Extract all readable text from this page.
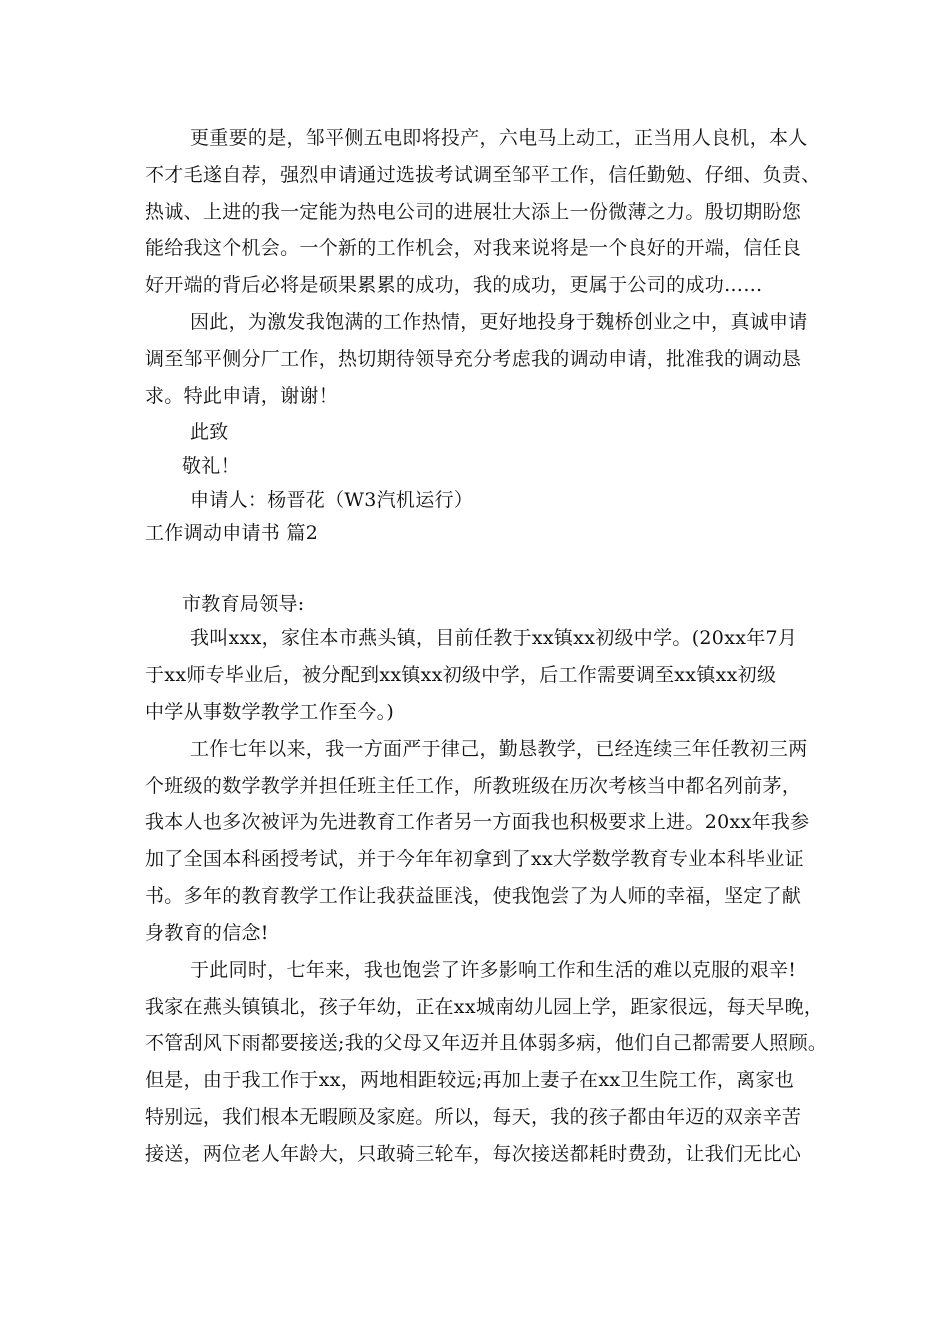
更重要的是，邹平侧五电即将投产，六电马上动工，正当用人良机，本人
不才毛遂自荐，强烈申请通过选拔考试调至邹平工作，信任勤勉、仔细、负责、
热诚、上进的我一定能为热电公司的进展壮大添上一份微薄之力。殷切期盼您
能给我这个机会。一个新的工作机会，对我来说将是一个良好的开端，信任良
好开端的背后必将是硕果累累的成功，我的成功，更属于公司的成功……
因此，为激发我饱满的工作热情，更好地投身于魏桥创业之中，真诚申请
调至邹平侧分厂工作，热切期待领导充分考虑我的调动申请，批准我的调动恳
求。特此申请，谢谢！
此致
敬礼！
申请人：杨晋花（W3汽机运行）
工作调动申请书 篇2
市教育局领导:
我叫xxx，家住本市燕头镇，目前任教于xx镇xx初级中学。(20xx年7月
于xx师专毕业后，被分配到xx镇xx初级中学，后工作需要调至xx镇xx初级
中学从事数学教学工作至今。)
工作七年以来，我一方面严于律己，勤恳教学，已经连续三年任教初三两
个班级的数学教学并担任班主任工作，所教班级在历次考核当中都名列前茅，
我本人也多次被评为先进教育工作者另一方面我也积极要求上进。20xx年我参
加了全国本科函授考试，并于今年年初拿到了xx大学数学教育专业本科毕业证
书。多年的教育教学工作让我获益匪浅，使我饱尝了为人师的幸福，坚定了献
身教育的信念!
于此同时，七年来，我也饱尝了许多影响工作和生活的难以克服的艰辛!
我家在燕头镇镇北，孩子年幼，正在xx城南幼儿园上学，距家很远，每天早晚，
不管刮风下雨都要接送;我的父母又年迈并且体弱多病，他们自己都需要人照顾。
但是，由于我工作于xx，两地相距较远;再加上妻子在xx卫生院工作，离家也
特别远，我们根本无暇顾及家庭。所以，每天，我的孩子都由年迈的双亲辛苦
接送，两位老人年龄大，只敢骑三轮车，每次接送都耗时费劲，让我们无比心
